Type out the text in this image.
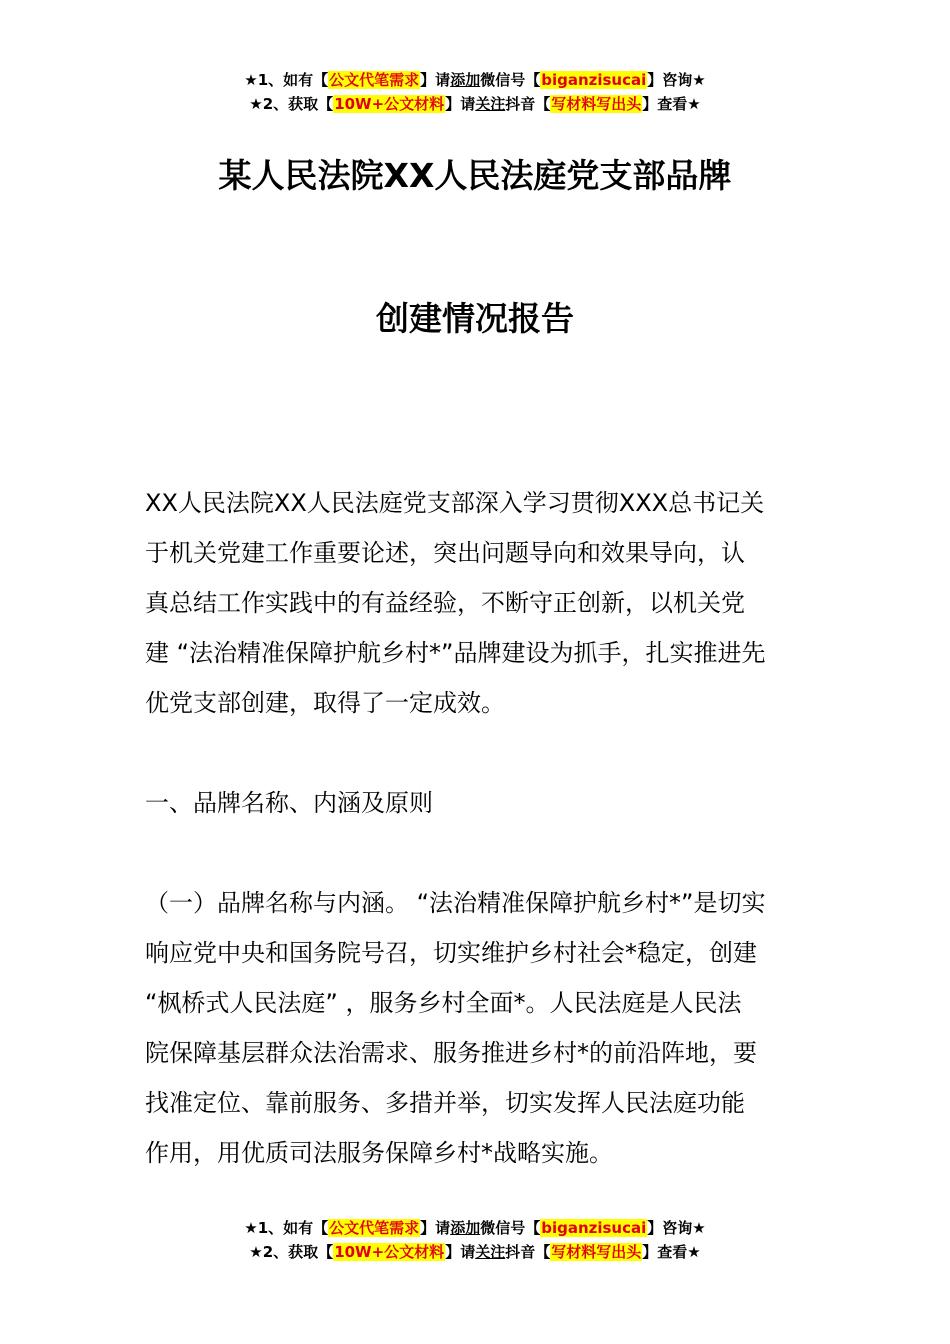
★1、如有【公文代笔需求】请添加微信号【biganzisucai】咨询★
★2、获取【10W+公文材料】请关注抖音【写材料写出头】查看★
某人民法院XX人民法庭党支部品牌
创建情况报告

XX人民法院XX人民法庭党支部深入学习贯彻XXX总书记关

于机关党建工作重要论述，突出问题导向和效果导向，认

真总结工作实践中的有益经验，不断守正创新，以机关党

建 “法治精准保障护航乡村*”品牌建设为抓手，扎实推进先

优党支部创建，取得了一定成效。

一、品牌名称、内涵及原则

（一）品牌名称与内涵。 “法治精准保障护航乡村*”是切实

响应党中央和国务院号召，切实维护乡村社会*稳定，创建

“枫桥式人民法庭” ，服务乡村全面*。人民法庭是人民法

院保障基层群众法治需求、服务推进乡村*的前沿阵地，要

找准定位、靠前服务、多措并举，切实发挥人民法庭功能

作用，用优质司法服务保障乡村*战略实施。

★1、如有【公文代笔需求】请添加微信号【biganzisucai】咨询★
★2、获取【10W+公文材料】请关注抖音【写材料写出头】查看★
